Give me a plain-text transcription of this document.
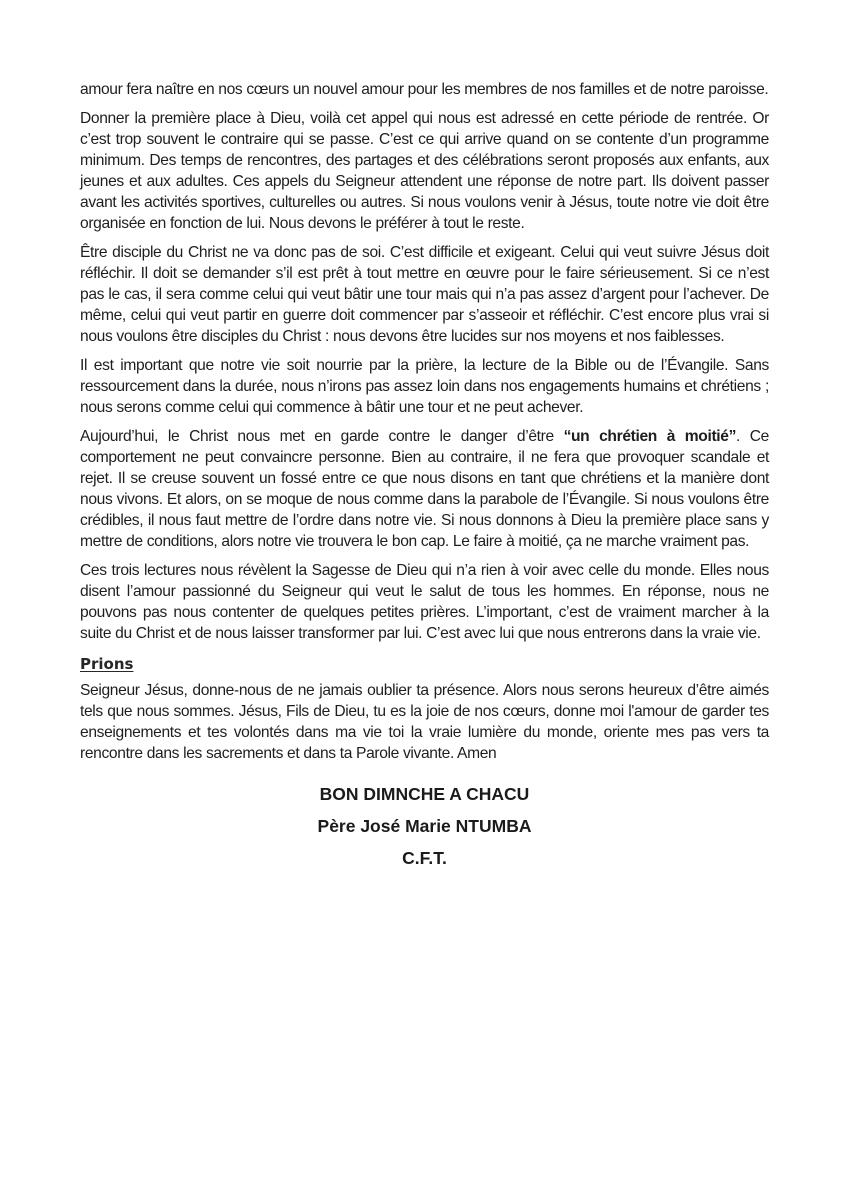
amour fera naître en nos cœurs un nouvel amour pour les membres de nos familles et de notre paroisse.

Donner la première place à Dieu, voilà cet appel qui nous est adressé en cette période de rentrée. Or c’est trop souvent le contraire qui se passe. C’est ce qui arrive quand on se contente d’un programme minimum. Des temps de rencontres, des partages et des célébrations seront proposés aux enfants, aux jeunes et aux adultes. Ces appels du Seigneur attendent une réponse de notre part. Ils doivent passer avant les activités sportives, culturelles ou autres. Si nous voulons venir à Jésus, toute notre vie doit être organisée en fonction de lui. Nous devons le préférer à tout le reste.

Être disciple du Christ ne va donc pas de soi. C’est difficile et exigeant. Celui qui veut suivre Jésus doit réfléchir. Il doit se demander s’il est prêt à tout mettre en œuvre pour le faire sérieusement. Si ce n’est pas le cas, il sera comme celui qui veut bâtir une tour mais qui n’a pas assez d’argent pour l’achever. De même, celui qui veut partir en guerre doit commencer par s’asseoir et réfléchir. C’est encore plus vrai si nous voulons être disciples du Christ : nous devons être lucides sur nos moyens et nos faiblesses.

Il est important que notre vie soit nourrie par la prière, la lecture de la Bible ou de l’Évangile. Sans ressourcement dans la durée, nous n’irons pas assez loin dans nos engagements humains et chrétiens ; nous serons comme celui qui commence à bâtir une tour et ne peut achever.

Aujourd’hui, le Christ nous met en garde contre le danger d’être “un chrétien à moitié”. Ce comportement ne peut convaincre personne. Bien au contraire, il ne fera que provoquer scandale et rejet. Il se creuse souvent un fossé entre ce que nous disons en tant que chrétiens et la manière dont nous vivons. Et alors, on se moque de nous comme dans la parabole de l’Évangile. Si nous voulons être crédibles, il nous faut mettre de l’ordre dans notre vie. Si nous donnons à Dieu la première place sans y mettre de conditions, alors notre vie trouvera le bon cap. Le faire à moitié, ça ne marche vraiment pas.

Ces trois lectures nous révèlent la Sagesse de Dieu qui n’a rien à voir avec celle du monde. Elles nous disent l’amour passionné du Seigneur qui veut le salut de tous les hommes. En réponse, nous ne pouvons pas nous contenter de quelques petites prières. L’important, c’est de vraiment marcher à la suite du Christ et de nous laisser transformer par lui. C’est avec lui que nous entrerons dans la vraie vie.

Prions

Seigneur Jésus, donne-nous de ne jamais oublier ta présence. Alors nous serons heureux d’être aimés tels que nous sommes. Jésus, Fils de Dieu, tu es la joie de nos cœurs, donne moi l'amour de garder tes enseignements et tes volontés dans ma vie toi la vraie lumière du monde, oriente mes pas vers ta rencontre dans les sacrements et dans ta Parole vivante. Amen

BON DIMNCHE A CHACU
Père José Marie NTUMBA
C.F.T.
